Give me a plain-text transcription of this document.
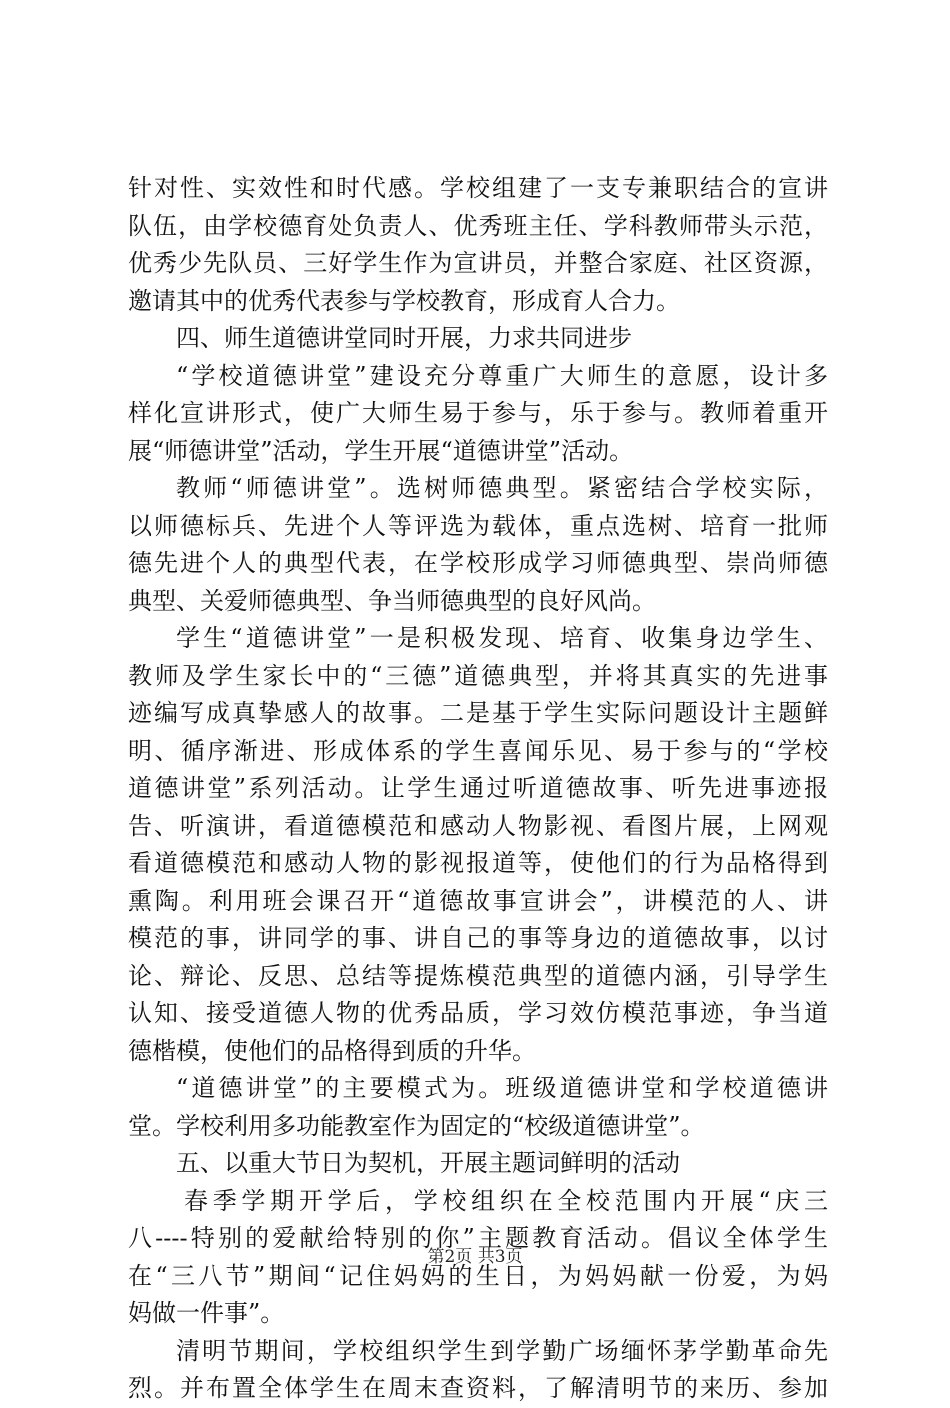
针对性、实效性和时代感。学校组建了一支专兼职结合的宣讲
队伍，由学校德育处负责人、优秀班主任、学科教师带头示范，
优秀少先队员、三好学生作为宣讲员，并整合家庭、社区资源，
邀请其中的优秀代表参与学校教育，形成育人合力。
四、师生道德讲堂同时开展，力求共同进步
“学校道德讲堂”建设充分尊重广大师生的意愿，设计多
样化宣讲形式，使广大师生易于参与，乐于参与。教师着重开
展“师德讲堂”活动，学生开展“道德讲堂”活动。
教师“师德讲堂”。选树师德典型。紧密结合学校实际，
以师德标兵、先进个人等评选为载体，重点选树、培育一批师
德先进个人的典型代表，在学校形成学习师德典型、崇尚师德
典型、关爱师德典型、争当师德典型的良好风尚。
学生“道德讲堂”一是积极发现、培育、收集身边学生、
教师及学生家长中的“三德”道德典型，并将其真实的先进事
迹编写成真挚感人的故事。二是基于学生实际问题设计主题鲜
明、循序渐进、形成体系的学生喜闻乐见、易于参与的“学校
道德讲堂”系列活动。让学生通过听道德故事、听先进事迹报
告、听演讲，看道德模范和感动人物影视、看图片展，上网观
看道德模范和感动人物的影视报道等，使他们的行为品格得到
熏陶。利用班会课召开“道德故事宣讲会”，讲模范的人、讲
模范的事，讲同学的事、讲自己的事等身边的道德故事，以讨
论、辩论、反思、总结等提炼模范典型的道德内涵，引导学生
认知、接受道德人物的优秀品质，学习效仿模范事迹，争当道
德楷模，使他们的品格得到质的升华。
“道德讲堂”的主要模式为。班级道德讲堂和学校道德讲
堂。学校利用多功能教室作为固定的“校级道德讲堂”。
五、以重大节日为契机，开展主题词鲜明的活动
春季学期开学后，学校组织在全校范围内开展“庆三
八----特别的爱献给特别的你”主题教育活动。倡议全体学生
在“三八节”期间“记住妈妈的生日，为妈妈献一份爱，为妈
妈做一件事”。
清明节期间，学校组织学生到学勤广场缅怀茅学勤革命先
烈。并布置全体学生在周末查资料，了解清明节的来历、参加
第2页 共3页
